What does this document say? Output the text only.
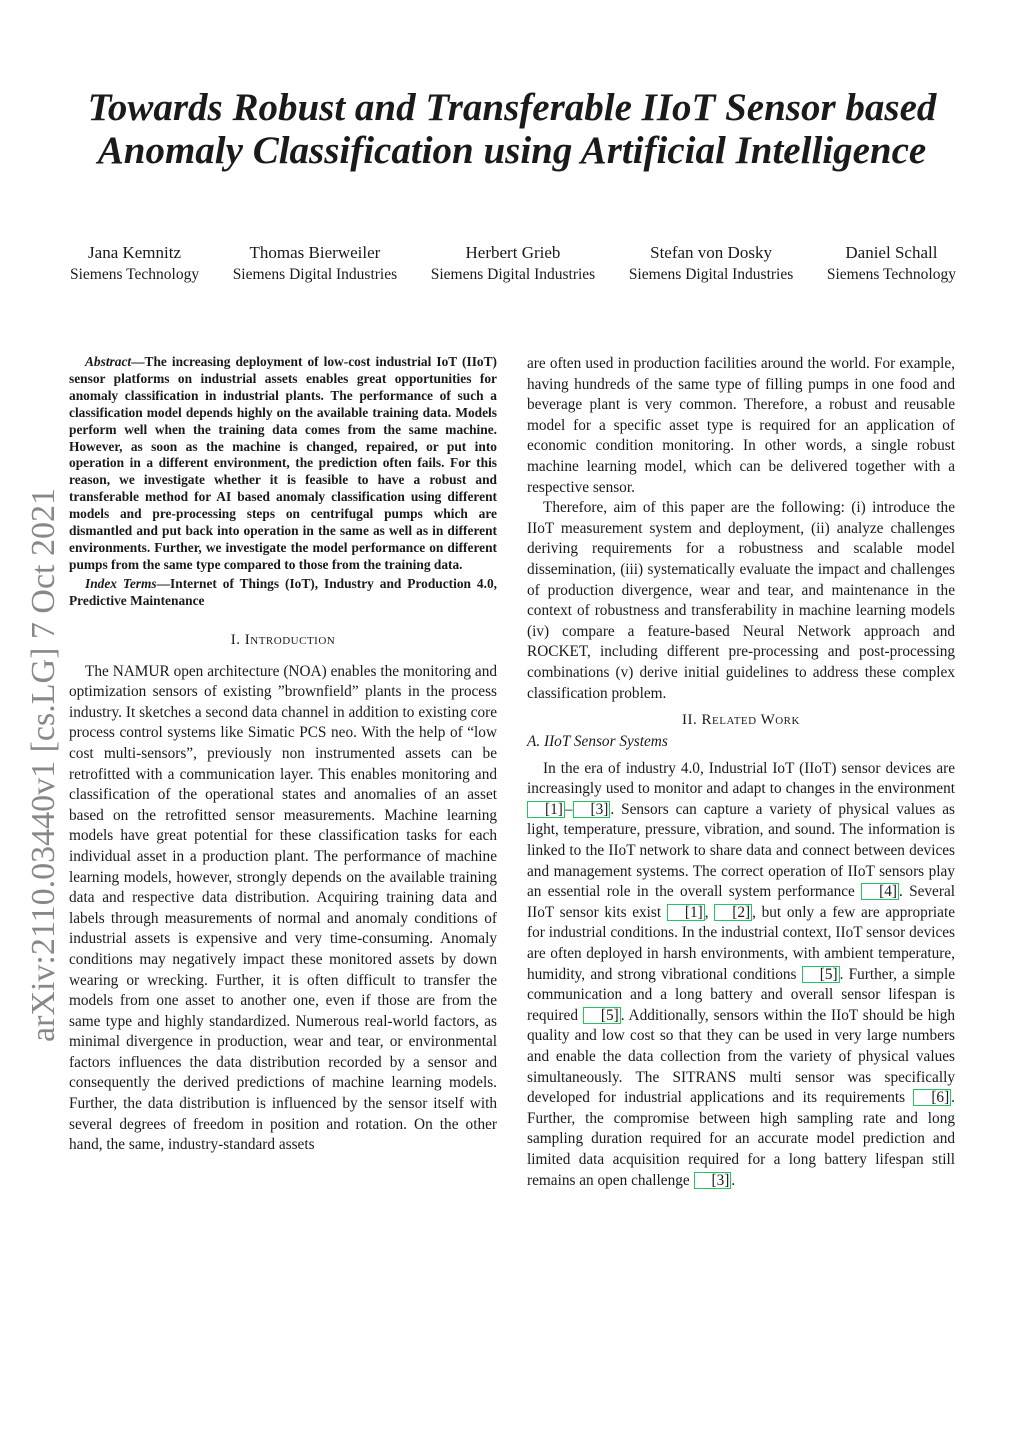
Towards Robust and Transferable IIoT Sensor based Anomaly Classification using Artificial Intelligence
Jana Kemnitz
Siemens Technology
Thomas Bierweiler
Siemens Digital Industries
Herbert Grieb
Siemens Digital Industries
Stefan von Dosky
Siemens Digital Industries
Daniel Schall
Siemens Technology
arXiv:2110.03440v1 [cs.LG] 7 Oct 2021

Abstract—The increasing deployment of low-cost industrial IoT (IIoT) sensor platforms on industrial assets enables great opportunities for anomaly classification in industrial plants. The performance of such a classification model depends highly on the available training data. Models perform well when the training data comes from the same machine. However, as soon as the machine is changed, repaired, or put into operation in a different environment, the prediction often fails. For this reason, we investigate whether it is feasible to have a robust and transferable method for AI based anomaly classification using different models and pre-processing steps on centrifugal pumps which are dismantled and put back into operation in the same as well as in different environments. Further, we investigate the model performance on different pumps from the same type compared to those from the training data.

Index Terms—Internet of Things (IoT), Industry and Production 4.0, Predictive Maintenance

I. Introduction

The NAMUR open architecture (NOA) enables the monitoring and optimization sensors of existing ”brownfield” plants in the process industry. It sketches a second data channel in addition to existing core process control systems like Simatic PCS neo. With the help of “low cost multi-sensors”, previously non instrumented assets can be retrofitted with a communication layer. This enables monitoring and classification of the operational states and anomalies of an asset based on the retrofitted sensor measurements. Machine learning models have great potential for these classification tasks for each individual asset in a production plant. The performance of machine learning models, however, strongly depends on the available training data and respective data distribution. Acquiring training data and labels through measurements of normal and anomaly conditions of industrial assets is expensive and very time-consuming. Anomaly conditions may negatively impact these monitored assets by down wearing or wrecking. Further, it is often difficult to transfer the models from one asset to another one, even if those are from the same type and highly standardized. Numerous real-world factors, as minimal divergence in production, wear and tear, or environmental factors influences the data distribution recorded by a sensor and consequently the derived predictions of machine learning models. Further, the data distribution is influenced by the sensor itself with several degrees of freedom in position and rotation. On the other hand, the same, industry-standard assets

are often used in production facilities around the world. For example, having hundreds of the same type of filling pumps in one food and beverage plant is very common. Therefore, a robust and reusable model for a specific asset type is required for an application of economic condition monitoring. In other words, a single robust machine learning model, which can be delivered together with a respective sensor.

Therefore, aim of this paper are the following: (i) introduce the IIoT measurement system and deployment, (ii) analyze challenges deriving requirements for a robustness and scalable model dissemination, (iii) systematically evaluate the impact and challenges of production divergence, wear and tear, and maintenance in the context of robustness and transferability in machine learning models (iv) compare a feature-based Neural Network approach and ROCKET, including different pre-processing and post-processing combinations (v) derive initial guidelines to address these complex classification problem.

II. Related Work
A. IIoT Sensor Systems

In the era of industry 4.0, Industrial IoT (IIoT) sensor devices are increasingly used to monitor and adapt to changes in the environment [1] – [3] . Sensors can capture a variety of physical values as light, temperature, pressure, vibration, and sound. The information is linked to the IIoT network to share data and connect between devices and management systems. The correct operation of IIoT sensors play an essential role in the overall system performance [4] . Several IIoT sensor kits exist [1] , [2] , but only a few are appropriate for industrial conditions. In the industrial context, IIoT sensor devices are often deployed in harsh environments, with ambient temperature, humidity, and strong vibrational conditions [5] . Further, a simple communication and a long battery and overall sensor lifespan is required [5] . Additionally, sensors within the IIoT should be high quality and low cost so that they can be used in very large numbers and enable the data collection from the variety of physical values simultaneously. The SITRANS multi sensor was specifically developed for industrial applications and its requirements [6] . Further, the compromise between high sampling rate and long sampling duration required for an accurate model prediction and limited data acquisition required for a long battery lifespan still remains an open challenge [3] .
